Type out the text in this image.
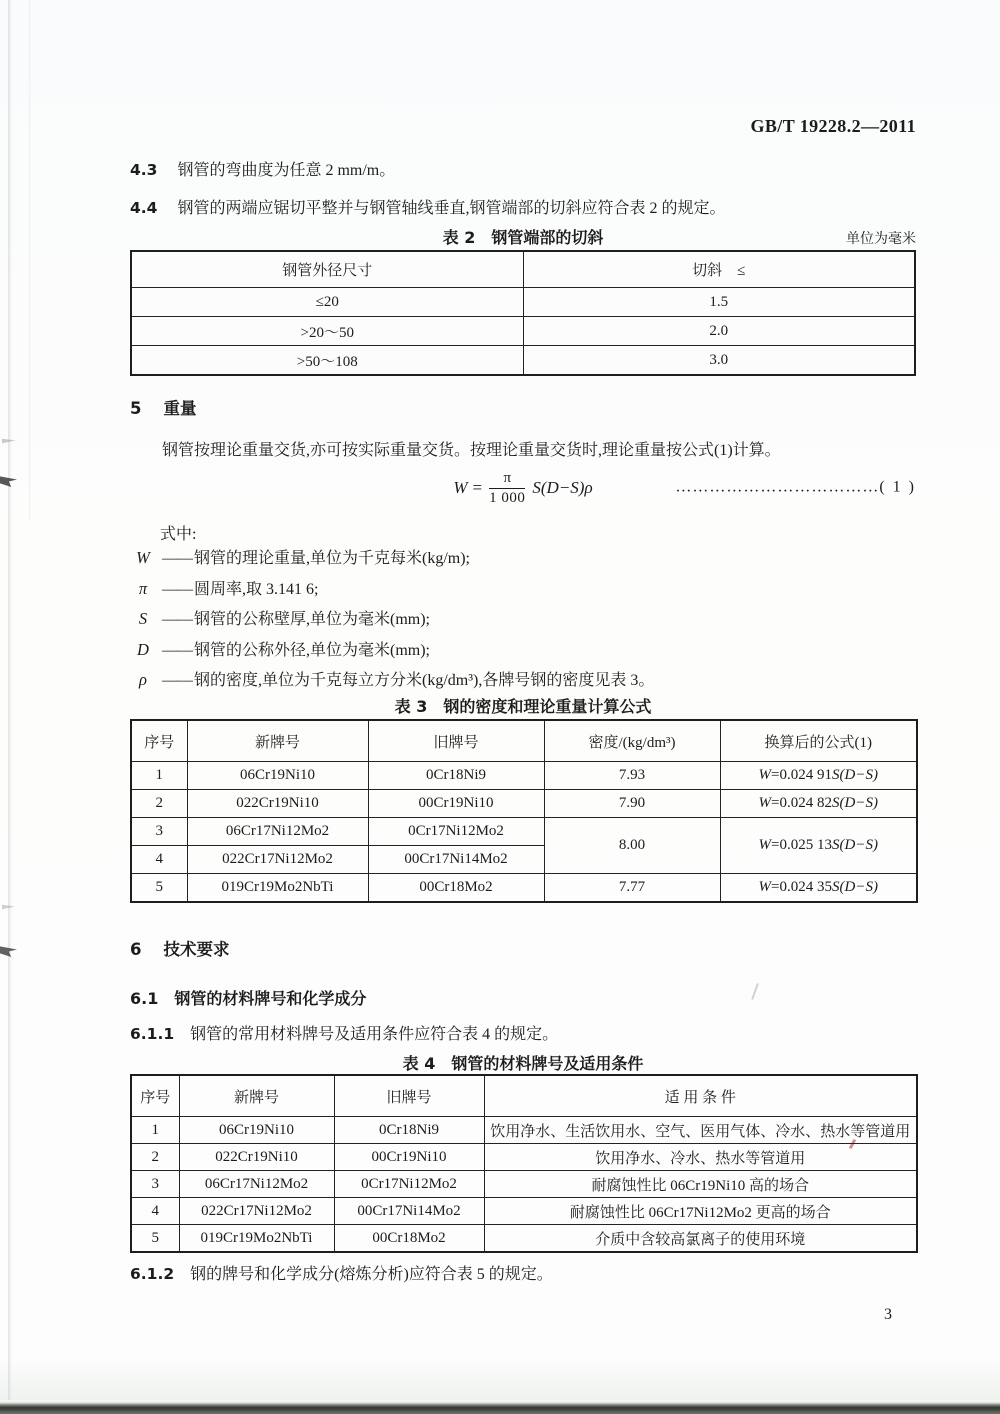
GB/T 19228.2—2011
4.3 钢管的弯曲度为任意 2 mm/m。
4.4 钢管的两端应锯切平整并与钢管轴线垂直,钢管端部的切斜应符合表 2 的规定。
表 2　钢管端部的切斜	单位为毫米
钢管外径尺寸	切斜　≤
≤20	1.5
>20～50	2.0
>50～108	3.0
5 重量
钢管按理论重量交货,亦可按实际重量交货。按理论重量交货时,理论重量按公式(1)计算。
$W = \frac{\pi}{1 000} S(D-S)\rho$	………………………………( 1 )
式中:
W —— 钢管的理论重量,单位为千克每米(kg/m);
π —— 圆周率,取 3.141 6;
S —— 钢管的公称壁厚,单位为毫米(mm);
D —— 钢管的公称外径,单位为毫米(mm);
ρ —— 钢的密度,单位为千克每立方分米(kg/dm³),各牌号钢的密度见表 3。
表 3　钢的密度和理论重量计算公式
序号	新牌号	旧牌号	密度/(kg/dm³)	换算后的公式(1)
1	06Cr19Ni10	0Cr18Ni9	7.93	W=0.024 91S(D−S)
2	022Cr19Ni10	00Cr19Ni10	7.90	W=0.024 82S(D−S)
3	06Cr17Ni12Mo2	0Cr17Ni12Mo2	8.00	W=0.025 13S(D−S)
4	022Cr17Ni12Mo2	00Cr17Ni14Mo2		
5	019Cr19Mo2NbTi	00Cr18Mo2	7.77	W=0.024 35S(D−S)
6 技术要求
6.1 钢管的材料牌号和化学成分
6.1.1 钢管的常用材料牌号及适用条件应符合表 4 的规定。
表 4　钢管的材料牌号及适用条件
序号	新牌号	旧牌号	适 用 条 件
1	06Cr19Ni10	0Cr18Ni9	饮用净水、生活饮用水、空气、医用气体、冷水、热水等管道用
2	022Cr19Ni10	00Cr19Ni10	饮用净水、冷水、热水等管道用
3	06Cr17Ni12Mo2	0Cr17Ni12Mo2	耐腐蚀性比 06Cr19Ni10 高的场合
4	022Cr17Ni12Mo2	00Cr17Ni14Mo2	耐腐蚀性比 06Cr17Ni12Mo2 更高的场合
5	019Cr19Mo2NbTi	00Cr18Mo2	介质中含较高氯离子的使用环境
6.1.2 钢的牌号和化学成分(熔炼分析)应符合表 5 的规定。
3
